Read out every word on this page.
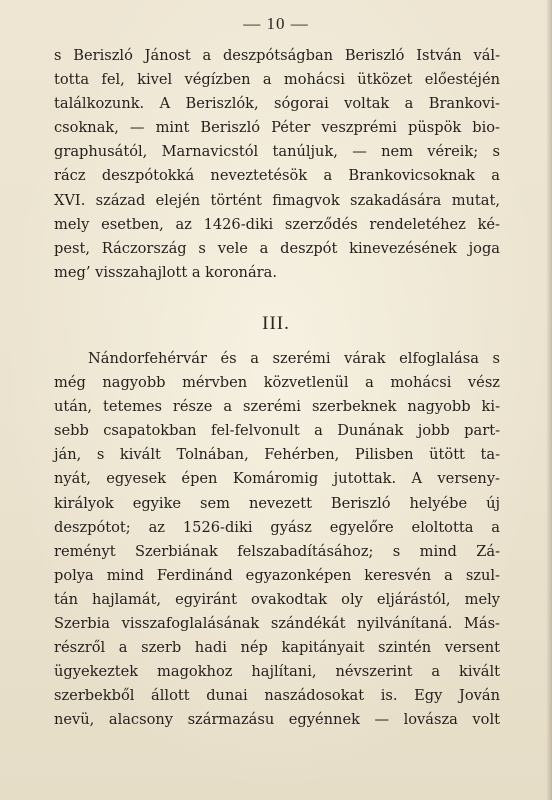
— 10 —
s Beriszló Jánost a deszpótságban Beriszló István vál-
totta fel, kivel végízben a mohácsi ütközet előestéjén
találkozunk. A Beriszlók, sógorai voltak a Brankovi-
csoknak, — mint Beriszló Péter veszprémi püspök bio-
graphusától, Marnavicstól tanúljuk, — nem véreik; s
rácz deszpótokká neveztetésök a Brankovicsoknak a
XVI. század elején történt fimagvok szakadására mutat,
mely esetben, az 1426-diki szerződés rendeletéhez ké-
pest, Ráczország s vele a deszpót kinevezésének joga
meg’ visszahajlott a koronára.
III.
Nándorfehérvár és a szerémi várak elfoglalása s
még nagyobb mérvben közvetlenül a mohácsi vész
után, tetemes része a szerémi szerbeknek nagyobb ki-
sebb csapatokban fel-felvonult a Dunának jobb part-
ján, s kivált Tolnában, Fehérben, Pilisben ütött ta-
nyát, egyesek épen Komáromig jutottak. A verseny-
királyok egyike sem nevezett Beriszló helyébe új
deszpótot; az 1526-diki gyász egyelőre eloltotta a
reményt Szerbiának felszabadításához; s mind Zá-
polya mind Ferdinánd egyazonképen keresvén a szul-
tán hajlamát, egyiránt ovakodtak oly eljárástól, mely
Szerbia visszafoglalásának szándékát nyilvánítaná. Más-
részről a szerb hadi nép kapitányait szintén versent
ügyekeztek magokhoz hajlítani, névszerint a kivált
szerbekből állott dunai naszádosokat is. Egy Jován
nevü, alacsony származásu egyénnek — lovásza volt
